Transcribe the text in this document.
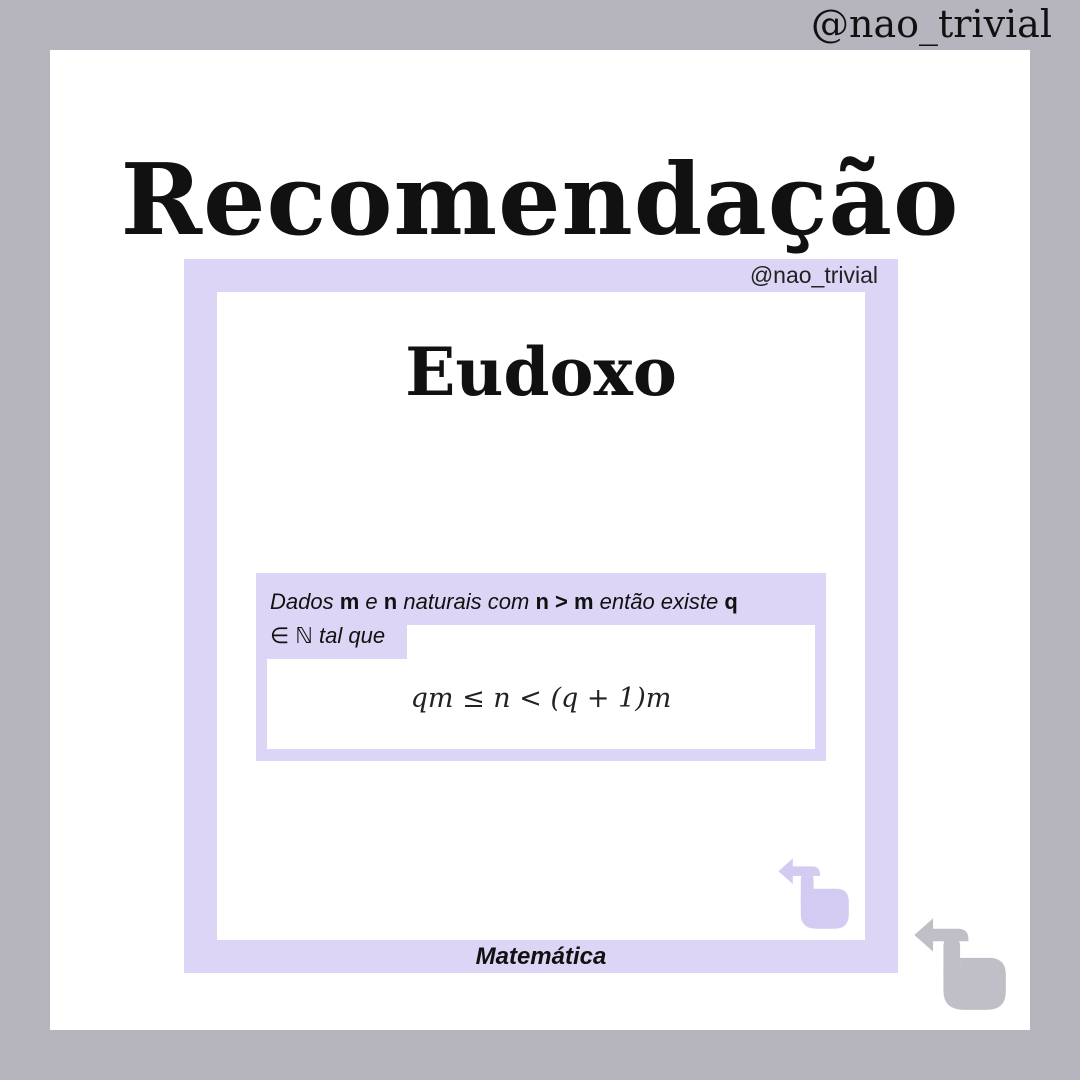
@nao_trivial
Recomendação
@nao_trivial
Eudoxo
qm ≤ n < (q + 1)m
Dados m e n naturais com n > m então existe q
∈ ℕ tal que
Matemática
